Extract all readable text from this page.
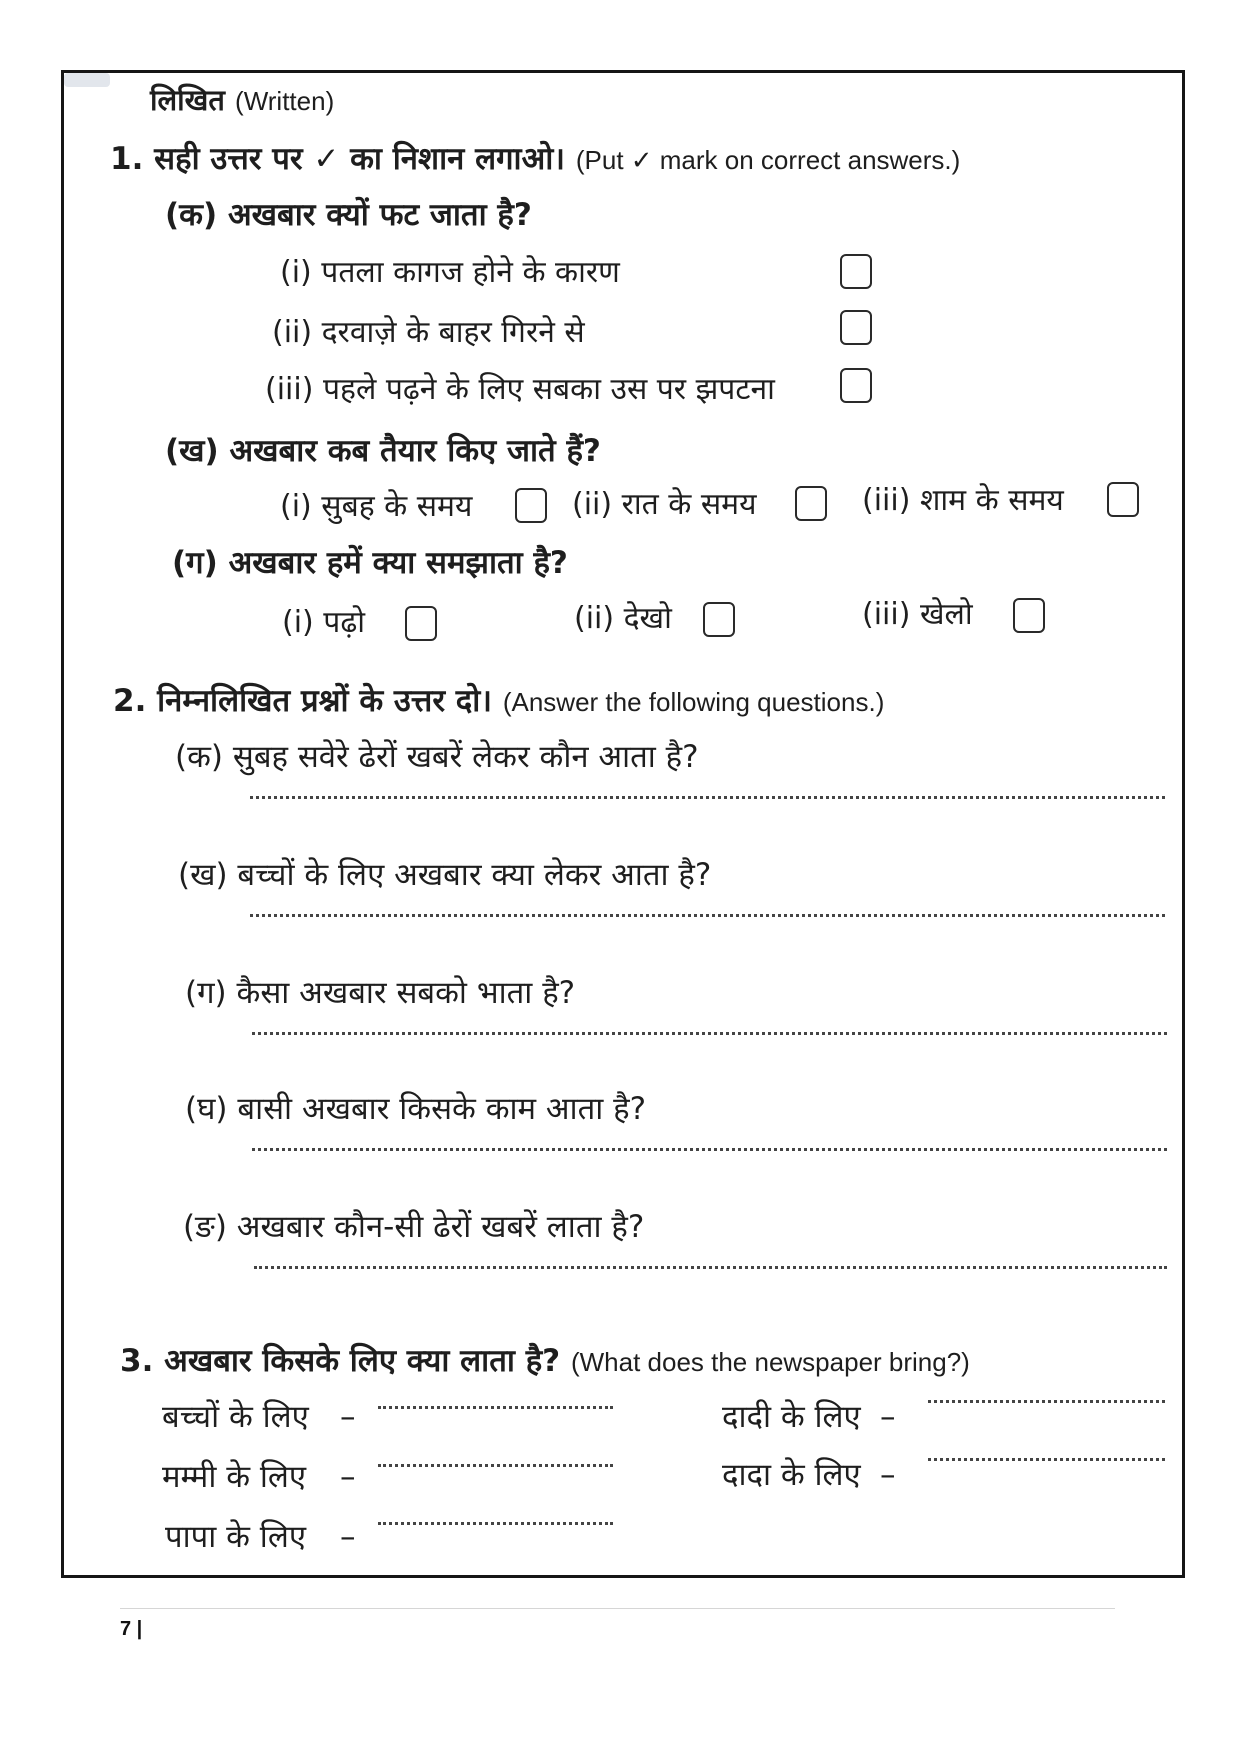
लिखित (Written)
1. सही उत्तर पर ✓ का निशान लगाओ। (Put ✓ mark on correct answers.)
(क) अखबार क्यों फट जाता है?
(i) पतला कागज होने के कारण
(ii) दरवाज़े के बाहर गिरने से
(iii) पहले पढ़ने के लिए सबका उस पर झपटना
(ख) अखबार कब तैयार किए जाते हैं?
(i) सुबह के समय	(ii) रात के समय	(iii) शाम के समय
(ग) अखबार हमें क्या समझाता है?
(i) पढ़ो	(ii) देखो	(iii) खेलो
2. निम्नलिखित प्रश्नों के उत्तर दो। (Answer the following questions.)
(क) सुबह सवेरे ढेरों खबरें लेकर कौन आता है?
(ख) बच्चों के लिए अखबार क्या लेकर आता है?
(ग) कैसा अखबार सबको भाता है?
(घ) बासी अखबार किसके काम आता है?
(ङ) अखबार कौन-सी ढेरों खबरें लाता है?
3. अखबार किसके लिए क्या लाता है? (What does the newspaper bring?)
बच्चों के लिए –
मम्मी के लिए –
पापा के लिए –
दादी के लिए –
दादा के लिए –
7 |
